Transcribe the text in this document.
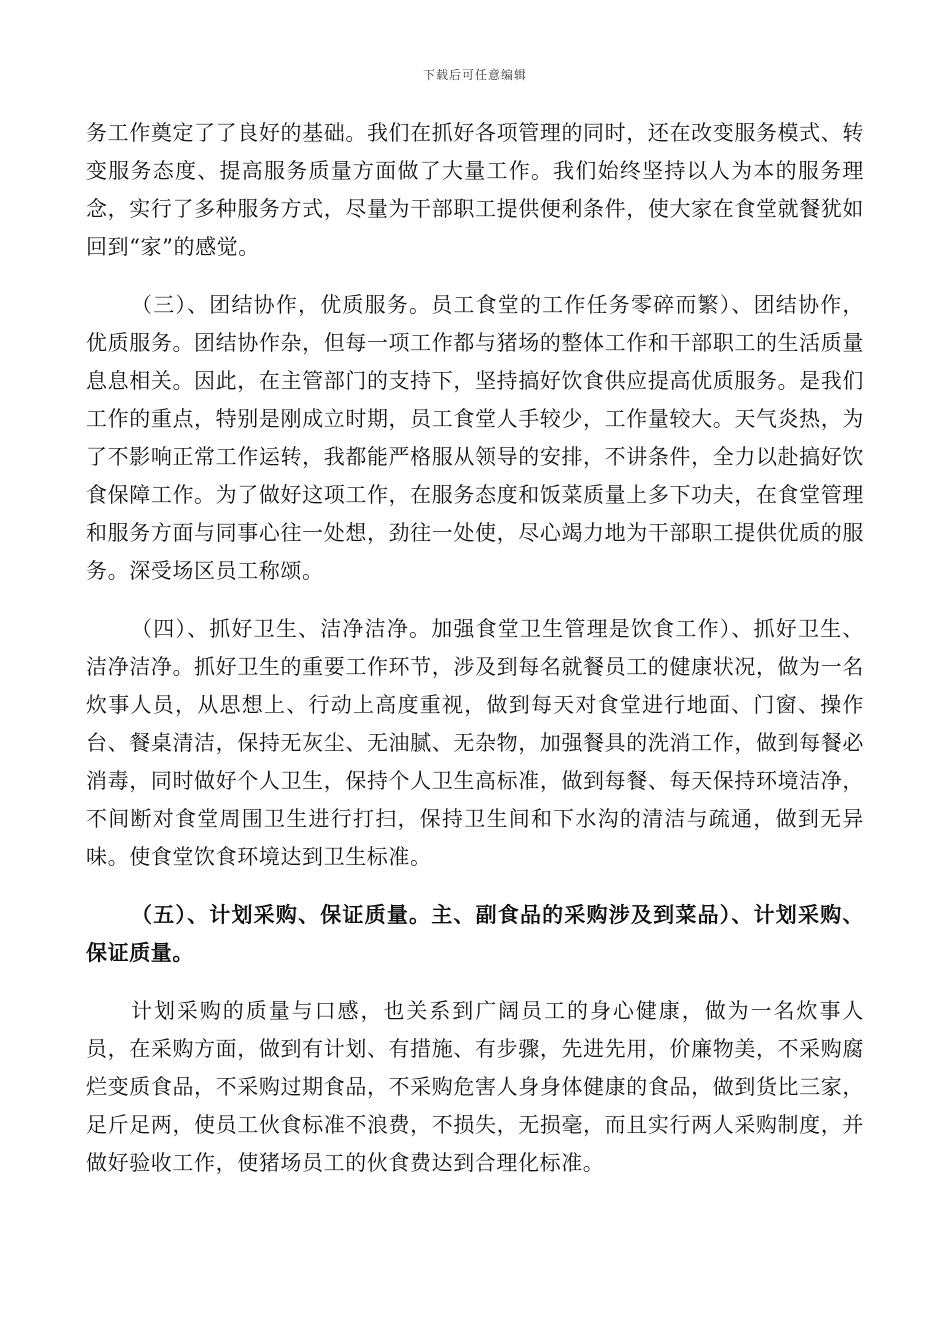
下载后可任意编辑

务工作奠定了了良好的基础。我们在抓好各项管理的同时，还在改变服务模式、转变服务态度、提高服务质量方面做了大量工作。我们始终坚持以人为本的服务理念，实行了多种服务方式，尽量为干部职工提供便利条件，使大家在食堂就餐犹如回到“家”的感觉。

（三）、团结协作，优质服务。员工食堂的工作任务零碎而繁）、团结协作，优质服务。团结协作杂，但每一项工作都与猪场的整体工作和干部职工的生活质量息息相关。因此，在主管部门的支持下，坚持搞好饮食供应提高优质服务。是我们工作的重点，特别是刚成立时期，员工食堂人手较少，工作量较大。天气炎热，为了不影响正常工作运转，我都能严格服从领导的安排，不讲条件，全力以赴搞好饮食保障工作。为了做好这项工作，在服务态度和饭菜质量上多下功夫，在食堂管理和服务方面与同事心往一处想，劲往一处使，尽心竭力地为干部职工提供优质的服务。深受场区员工称颂。

（四）、抓好卫生、洁净洁净。加强食堂卫生管理是饮食工作）、抓好卫生、洁净洁净。抓好卫生的重要工作环节，涉及到每名就餐员工的健康状况，做为一名炊事人员，从思想上、行动上高度重视，做到每天对食堂进行地面、门窗、操作台、餐桌清洁，保持无灰尘、无油腻、无杂物，加强餐具的洗消工作，做到每餐必消毒，同时做好个人卫生，保持个人卫生高标准，做到每餐、每天保持环境洁净，不间断对食堂周围卫生进行打扫，保持卫生间和下水沟的清洁与疏通，做到无异味。使食堂饮食环境达到卫生标准。

（五）、计划采购、保证质量。主、副食品的采购涉及到菜品）、计划采购、保证质量。

计划采购的质量与口感，也关系到广阔员工的身心健康，做为一名炊事人员，在采购方面，做到有计划、有措施、有步骤，先进先用，价廉物美，不采购腐烂变质食品，不采购过期食品，不采购危害人身身体健康的食品，做到货比三家，足斤足两，使员工伙食标准不浪费，不损失，无损毫，而且实行两人采购制度，并做好验收工作，使猪场员工的伙食费达到合理化标准。
